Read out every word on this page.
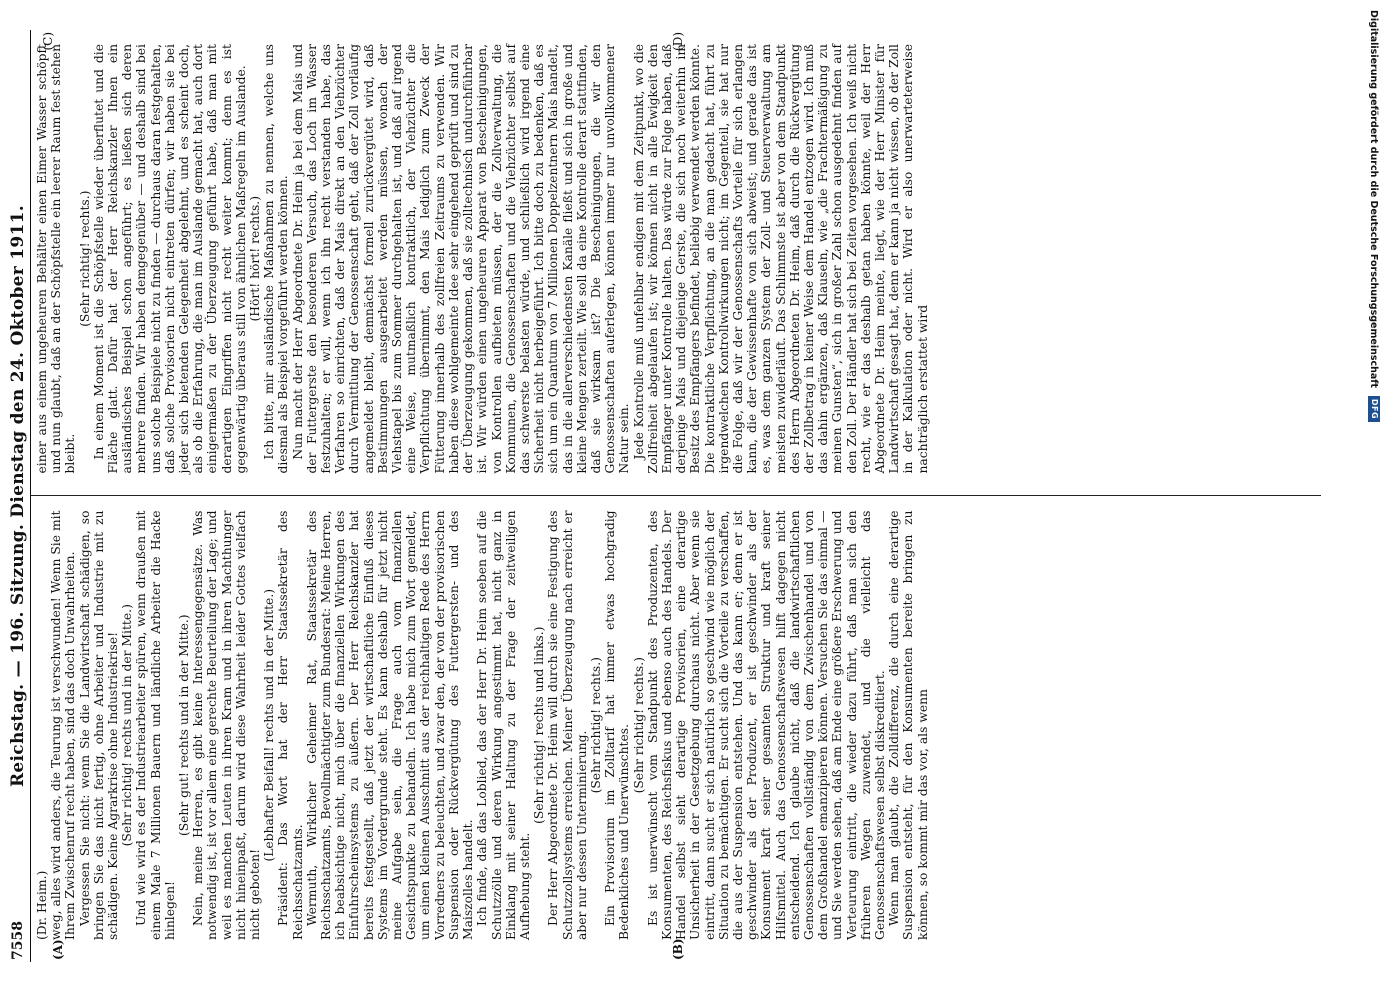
7558
Reichstag. — 196. Sitzung. Dienstag den 24. Oktober 1911.
(A)	(B)

(Dr. Heim.) weg, alles wird anders, die Teurung ist verschwunden! Wenn Sie mit Ihrem Zwischenruf recht haben, sind das doch Unwahrheiten. Vergessen Sie nicht: wenn Sie die Landwirtschaft schädigen, so bringen Sie das nicht fertig, ohne Arbeiter und Industrie mit zu schädigen. Keine Agrarkrise ohne Industriekrise! (Sehr richtig! rechts und in der Mitte.) Und wie wird es der Industriearbeiter spüren, wenn draußen mit einem Male 7 Millionen Bauern und ländliche Arbeiter die Hacke hinlegen!

(Sehr gut! rechts und in der Mitte.) Nein, meine Herren, es gibt keine Interessengegensätze. Was notwendig ist, ist vor allem eine gerechte Beurteilung der Lage; und weil es manchen Leuten in ihren Kram und in ihren Machthunger nicht hineinpaßt, darum wird diese Wahrheit leider Gottes vielfach nicht geboten!

(Lebhafter Beifall! rechts und in der Mitte.) Präsident: Das Wort hat der Herr Staatssekretär des Reichsschatzamts. Wermuth, Wirklicher Geheimer Rat, Staatssekretär des Reichsschatzamts, Bevollmächtigter zum Bundesrat: Meine Herren, ich beabsichtige nicht, mich über die finanziellen Wirkungen des Einfuhrscheinsystems zu äußern. Der Herr Reichskanzler hat bereits festgestellt, daß jetzt der wirtschaftliche Einfluß dieses Systems im Vordergrunde steht. Es kann deshalb für jetzt nicht meine Aufgabe sein, die Frage auch vom finanziellen Gesichtspunkte zu behandeln. Ich habe mich zum Wort gemeldet, um einen kleinen Ausschnitt aus der reichhaltigen Rede des Herrn Vorredners zu beleuchten, und zwar den, der von der provisorischen Suspension oder Rückvergütung des Futtergersten- und des Maiszolles handelt. Ich finde, daß das Loblied, das der Herr Dr. Heim soeben auf die Schutzzölle und deren Wirkung angestimmt hat, nicht ganz in Einklang mit seiner Haltung zu der Frage der zeitweiligen Aufhebung steht.

(Sehr richtig! rechts und links.) Der Herr Abgeordnete Dr. Heim will durch sie eine Festigung des Schutzzollsystems erreichen. Meiner Überzeugung nach erreicht er aber nur dessen Unterminierung.

(Sehr richtig! rechts.) Ein Provisorium im Zolltarif hat immer etwas hochgradig Bedenkliches und Unerwünschtes. (Sehr richtig! rechts.) Es ist unerwünscht vom Standpunkt des Produzenten, des Konsumenten, des Reichsfiskus und ebenso auch des Handels. Der Handel selbst sieht derartige Provisorien, eine derartige Unsicherheit in der Gesetzgebung durchaus nicht. Aber wenn sie eintritt, dann sucht er sich natürlich so geschwind wie möglich der Situation zu bemächtigen. Er sucht sich die Vorteile zu verschaffen, die aus der Suspension entstehen. Und das kann er; denn er ist geschwinder als der Produzent, er ist geschwinder als der Konsument kraft seiner gesamten Struktur und kraft seiner Hilfsmittel. Auch das Genossenschaftswesen hilft dagegen nicht entscheidend. Ich glaube nicht, daß die landwirtschaftlichen Genossenschaften vollständig von dem Zwischenhandel und von dem Großhandel emanzipieren können. Versuchen Sie das einmal — und Sie werden sehen, daß am Ende eine größere Erschwerung und Verteurung eintritt, die wieder dazu führt, daß man sich den früheren Wegen zuwendet, und die vielleicht das Genossenschaftswesen selbst diskreditiert. Wenn man glaubt, die Zolldifferenz, die durch eine derartige Suspension entsteht, für den Konsumenten bereite bringen zu können, so kommt mir das vor, als wenn

(C)	(D)

einer aus einem ungeheuren Behälter einen Eimer Wasser schöpft und nun glaubt, daß an der Schöpfstelle ein leerer Raum fest stehen bleibt.

(Sehr richtig! rechts.) In einem Moment ist die Schöpfstelle wieder überflutet und die Fläche glatt. Dafür hat der Herr Reichskanzler Ihnen ein ausländisches Beispiel schon angeführt; es ließen sich deren mehrere finden. Wir haben demgegenüber — und deshalb sind bei uns solche Beispiele nicht zu finden — durchaus daran festgehalten, daß solche Provisorien nicht eintreten dürfen; wir haben sie bei jeder sich bietenden Gelegenheit abgelehnt, und es scheint doch, als ob die Erfahrung, die man im Auslande gemacht hat, auch dort einigermaßen zu der Überzeugung geführt habe, daß man mit derartigen Eingriffen nicht recht weiter kommt; denn es ist gegenwärtig überaus still von ähnlichen Maßregeln im Auslande. (Hört! hört! rechts.) Ich bitte, mir ausländische Maßnahmen zu nennen, welche uns diesmal als Beispiel vorgeführt werden können. Nun macht der Herr Abgeordnete Dr. Heim ja bei dem Mais und der Futtergerste den besonderen Versuch, das Loch im Wasser festzuhalten; er will, wenn ich ihn recht verstanden habe, das Verfahren so einrichten, daß der Mais direkt an den Viehzüchter durch Vermittlung der Genossenschaft geht, daß der Zoll vorläufig angemeldet bleibt, demnächst formell zurückvergütet wird, daß Bestimmungen ausgearbeitet werden müssen, wonach der Viehstapel bis zum Sommer durchgehalten ist, und daß auf irgend eine Weise, mutmaßlich kontraktlich, der Viehzüchter die Verpflichtung übernimmt, den Mais lediglich zum Zweck der Fütterung innerhalb des zollfreien Zeitraums zu verwenden. Wir haben diese wohlgemeinte Idee sehr eingehend geprüft und sind zu der Überzeugung gekommen, daß sie zolltechnisch undurchführbar ist. Wir würden einen ungeheuren Apparat von Bescheinigungen, von Kontrollen aufbieten müssen, der die Zollverwaltung, die Kommunen, die Genossenschaften und die Viehzüchter selbst auf das schwerste belasten würde, und schließlich wird irgend eine Sicherheit nicht herbeigeführt. Ich bitte doch zu bedenken, daß es sich um ein Quantum von 7 Millionen Doppelzentnern Mais handelt, das in die allerverschiedensten Kanäle fließt und sich in große und kleine Mengen zerteilt. Wie soll da eine Kontrolle derart stattfinden, daß sie wirksam ist? Die Bescheinigungen, die wir den Genossenschaften auferlegen, können immer nur unvollkommener Natur sein. Jede Kontrolle muß unfehlbar endigen mit dem Zeitpunkt, wo die Zollfreiheit abgelaufen ist; wir können nicht in alle Ewigkeit den Empfänger unter Kontrolle halten. Das würde zur Folge haben, daß derjenige Mais und diejenige Gerste, die sich noch weiterhin im Besitz des Empfängers befindet, beliebig verwendet werden könnte. Die kontraktliche Verpflichtung, an die man gedacht hat, führt zu irgendwelchen Kontrollwirkungen nicht; im Gegenteil, sie hat nur die Folge, daß wir der Genossenschafts Vorteile für sich erlangen kann, die der Gewissenhafte von sich abweist; und gerade das ist es, was dem ganzen System der Zoll- und Steuerverwaltung am meisten zuwiderläuft. Das Schlimmste ist aber von dem Standpunkt des Herrn Abgeordneten Dr. Heim, daß durch die Rückvergütung der Zollbetrag in keiner Weise dem Handel entzogen wird. Ich muß das dahin ergänzen, daß Klauseln, wie „die Frachtermäßigung zu meinen Gunsten“, sich in großer Zahl schon ausgedehnt finden auf den Zoll. Der Händler hat sich bei Zeiten vorgesehen. Ich weiß nicht recht, wie er das deshalb getan haben könnte, weil der Herr Abgeordnete Dr. Heim meinte, liegt, wie der Herr Minister für Landwirtschaft gesagt hat, denn er kann ja nicht wissen, ob der Zoll in der Kalkulation oder nicht. Wird er also unerwarteterweise nachträglich erstattet wird

Digitalisierung gefördert durch die Deutsche Forschungsgemeinschaft
DFG
